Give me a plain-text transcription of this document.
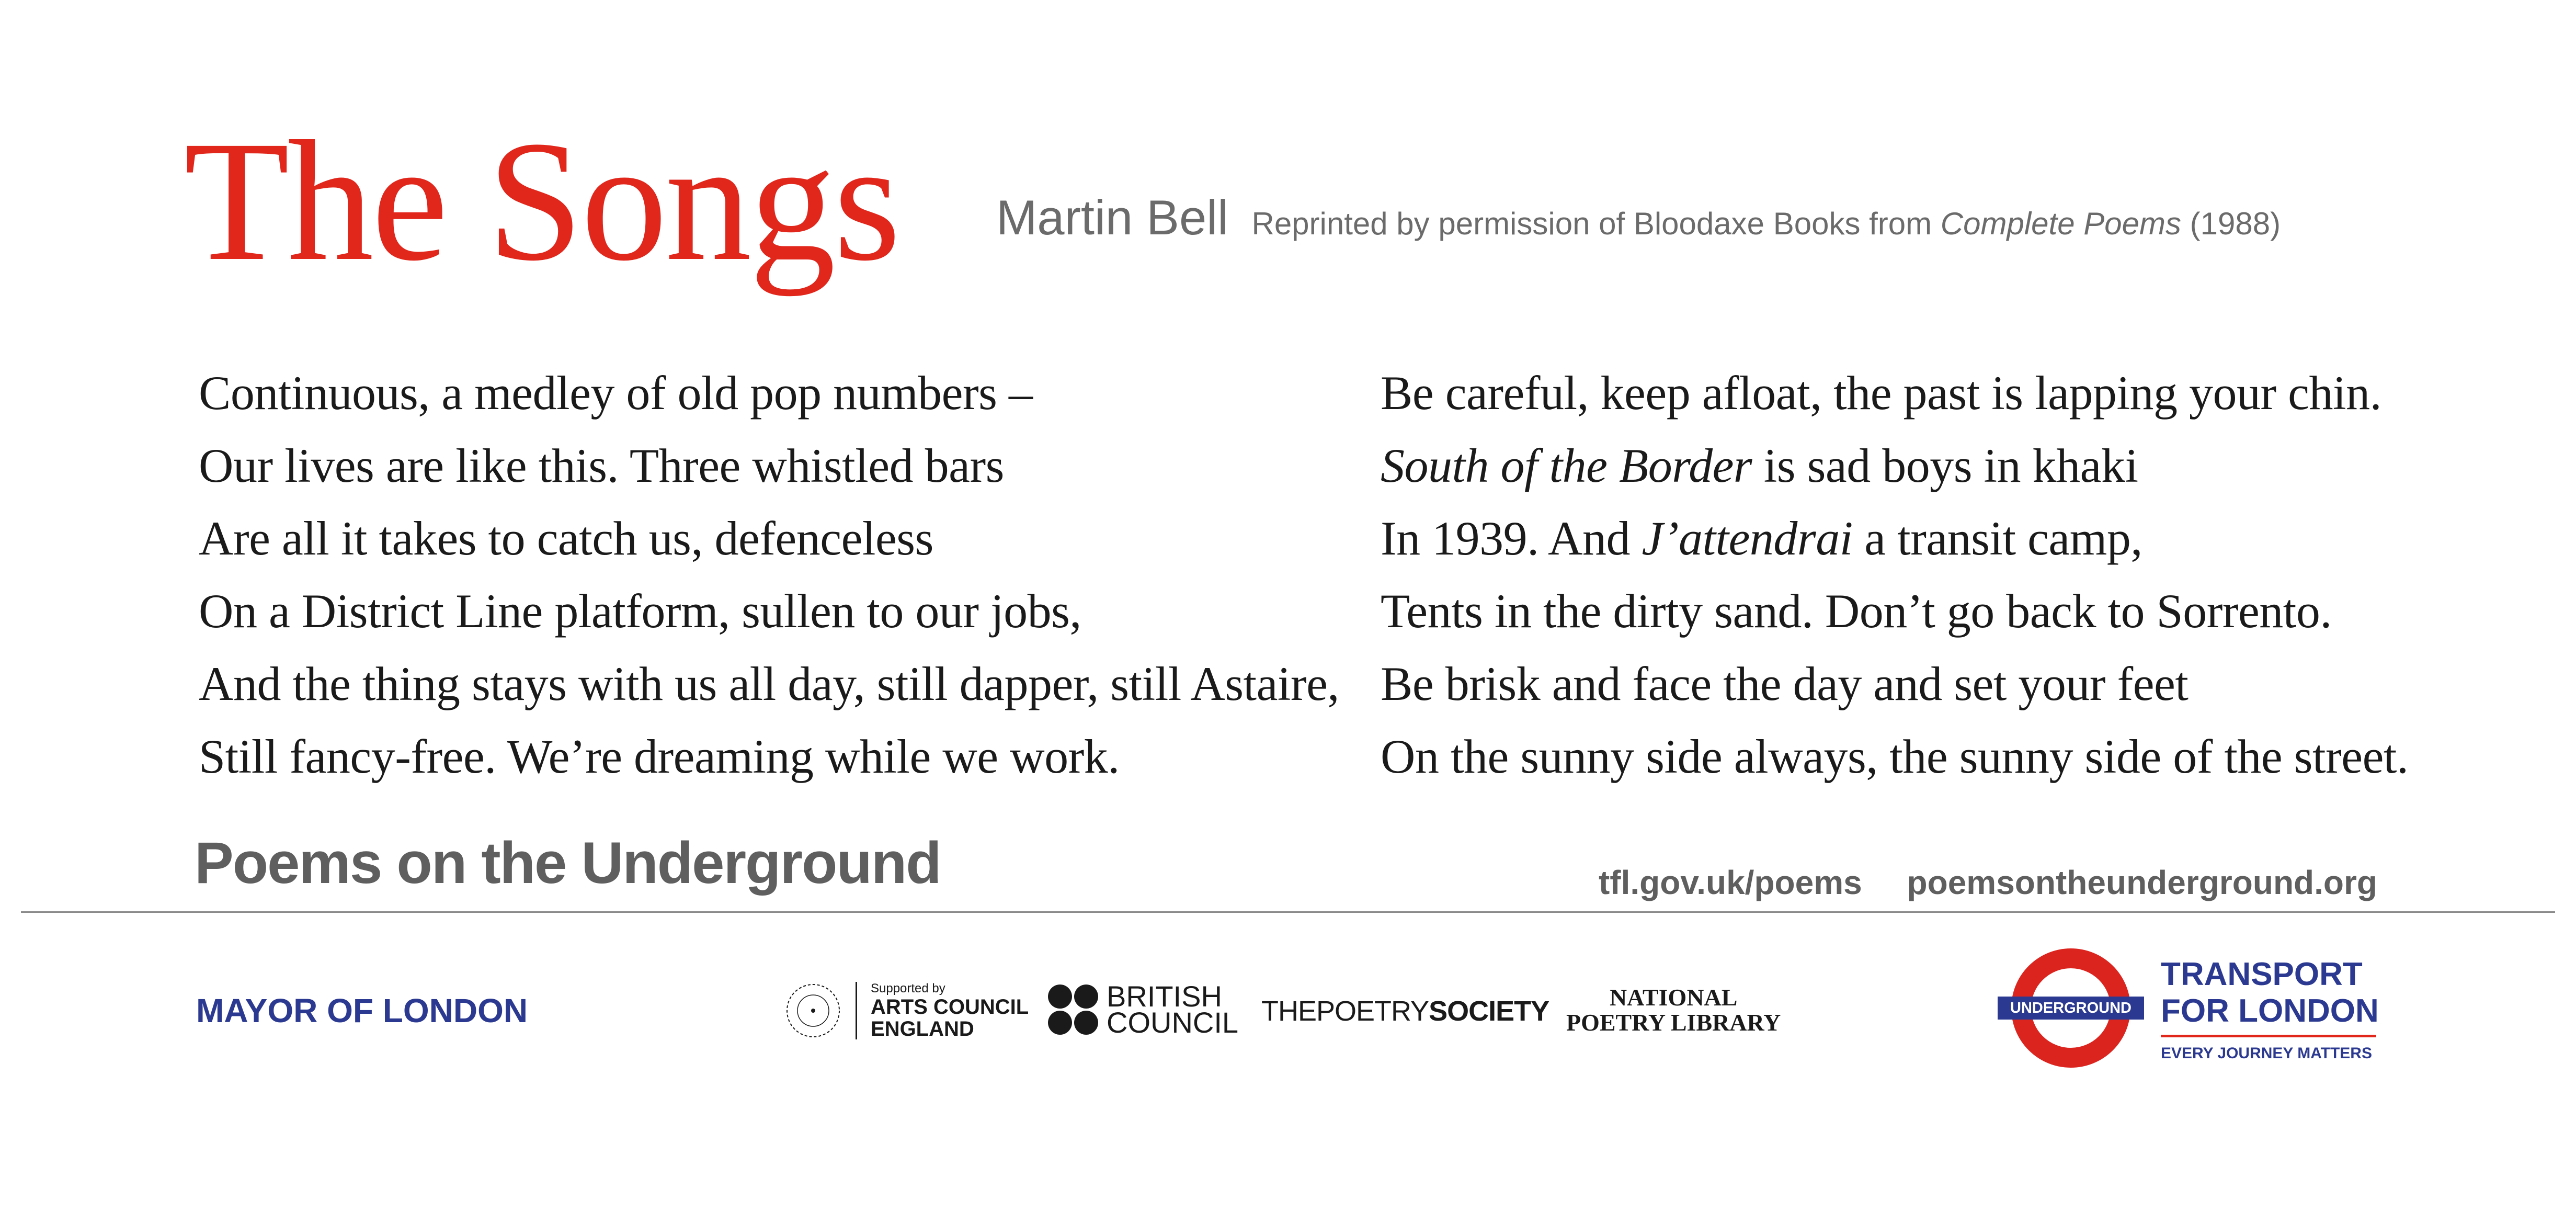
The Songs Martin Bell Reprinted by permission of Bloodaxe Books from Complete Poems (1988)
Continuous, a medley of old pop numbers –
Our lives are like this. Three whistled bars
Are all it takes to catch us, defenceless
On a District Line platform, sullen to our jobs,
And the thing stays with us all day, still dapper, still Astaire,
Still fancy-free. We’re dreaming while we work.
Be careful, keep afloat, the past is lapping your chin.
South of the Border is sad boys in khaki
In 1939. And J’attendrai a transit camp,
Tents in the dirty sand. Don’t go back to Sorrento.
Be brisk and face the day and set your feet
On the sunny side always, the sunny side of the street.
Poems on the Underground	tfl.gov.uk/poems poemsontheunderground.org
MAYOR OF LONDON
Supported by
ARTS COUNCIL
ENGLAND
BRITISH
COUNCIL THEPOETRYSOCIETY	NATIONAL
POETRY LIBRARY
UNDERGROUND
TRANSPORT
FOR LONDON
EVERY JOURNEY MATTERS
